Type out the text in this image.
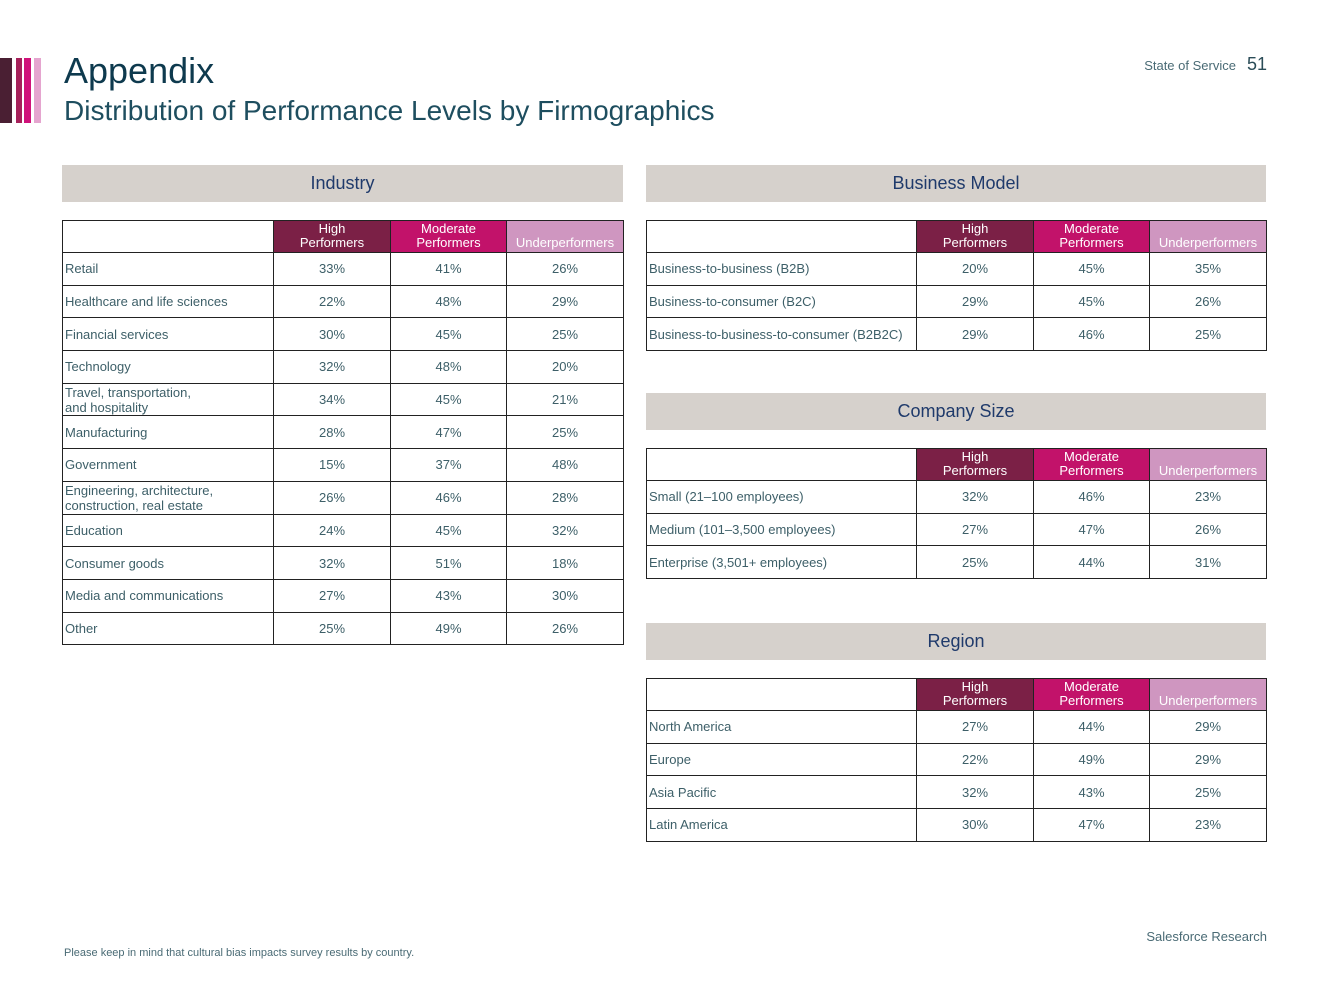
Appendix
Distribution of Performance Levels by Firmographics
State of Service 51
Industry
	High Performers	Moderate Performers	Underperformers
Retail	33%	41%	26%
Healthcare and life sciences	22%	48%	29%
Financial services	30%	45%	25%
Technology	32%	48%	20%
Travel, transportation,
and hospitality	34%	45%	21%
Manufacturing	28%	47%	25%
Government	15%	37%	48%
Engineering, architecture,
construction, real estate	26%	46%	28%
Education	24%	45%	32%
Consumer goods	32%	51%	18%
Media and communications	27%	43%	30%
Other	25%	49%	26%
Business Model
	High Performers	Moderate Performers	Underperformers
Business-to-business (B2B)	20%	45%	35%
Business-to-consumer (B2C)	29%	45%	26%
Business-to-business-to-consumer (B2B2C)	29%	46%	25%
Company Size
	High Performers	Moderate Performers	Underperformers
Small (21–100 employees)	32%	46%	23%
Medium (101–3,500 employees)	27%	47%	26%
Enterprise (3,501+ employees)	25%	44%	31%
Region
	High Performers	Moderate Performers	Underperformers
North America	27%	44%	29%
Europe	22%	49%	29%
Asia Pacific	32%	43%	25%
Latin America	30%	47%	23%
Please keep in mind that cultural bias impacts survey results by country.
Salesforce Research
